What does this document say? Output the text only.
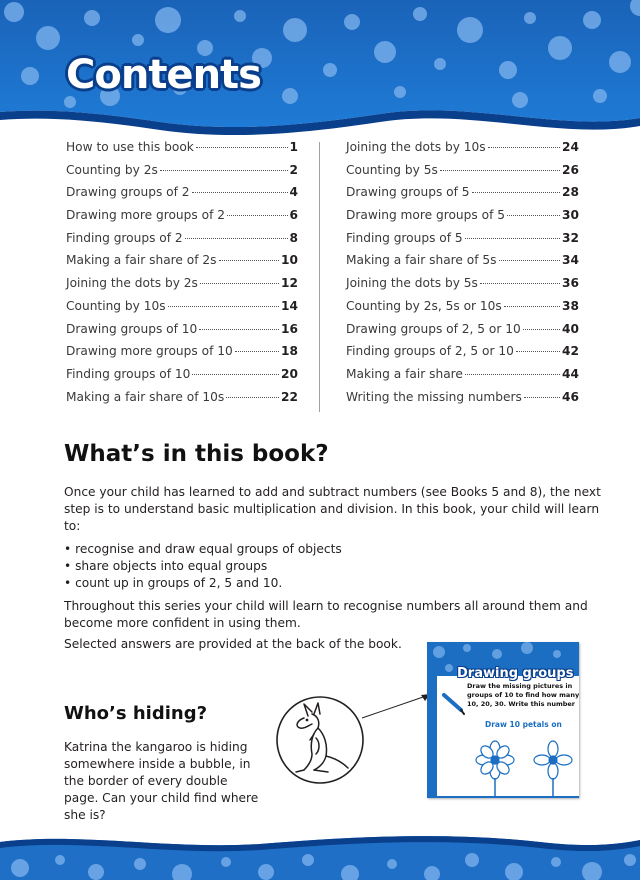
Contents
How to use this book	1
Counting by 2s	2
Drawing groups of 2	4
Drawing more groups of 2	6
Finding groups of 2	8
Making a fair share of 2s	10
Joining the dots by 2s	12
Counting by 10s	14
Drawing groups of 10	16
Drawing more groups of 10	18
Finding groups of 10	20
Making a fair share of 10s	22
Joining the dots by 10s	24
Counting by 5s	26
Drawing groups of 5	28
Drawing more groups of 5	30
Finding groups of 5	32
Making a fair share of 5s	34
Joining the dots by 5s	36
Counting by 2s, 5s or 10s	38
Drawing groups of 2, 5 or 10	40
Finding groups of 2, 5 or 10	42
Making a fair share	44
Writing the missing numbers	46
What’s in this book?

Once your child has learned to add and subtract numbers (see Books 5 and 8), the next step is to understand basic multiplication and division. In this book, your child will learn to:

• recognise and draw equal groups of objects
• share objects into equal groups
• count up in groups of 2, 5 and 10.

Throughout this series your child will learn to recognise numbers all around them and become more confident in using them.

Selected answers are provided at the back of the book.

Who’s hiding?

Katrina the kangaroo is hiding somewhere inside a bubble, in the border of every double page. Can your child find where she is?

Drawing groups
Draw the missing pictures in groups of 10 to find how many 10, 20, 30. Write this number
Draw 10 petals on
